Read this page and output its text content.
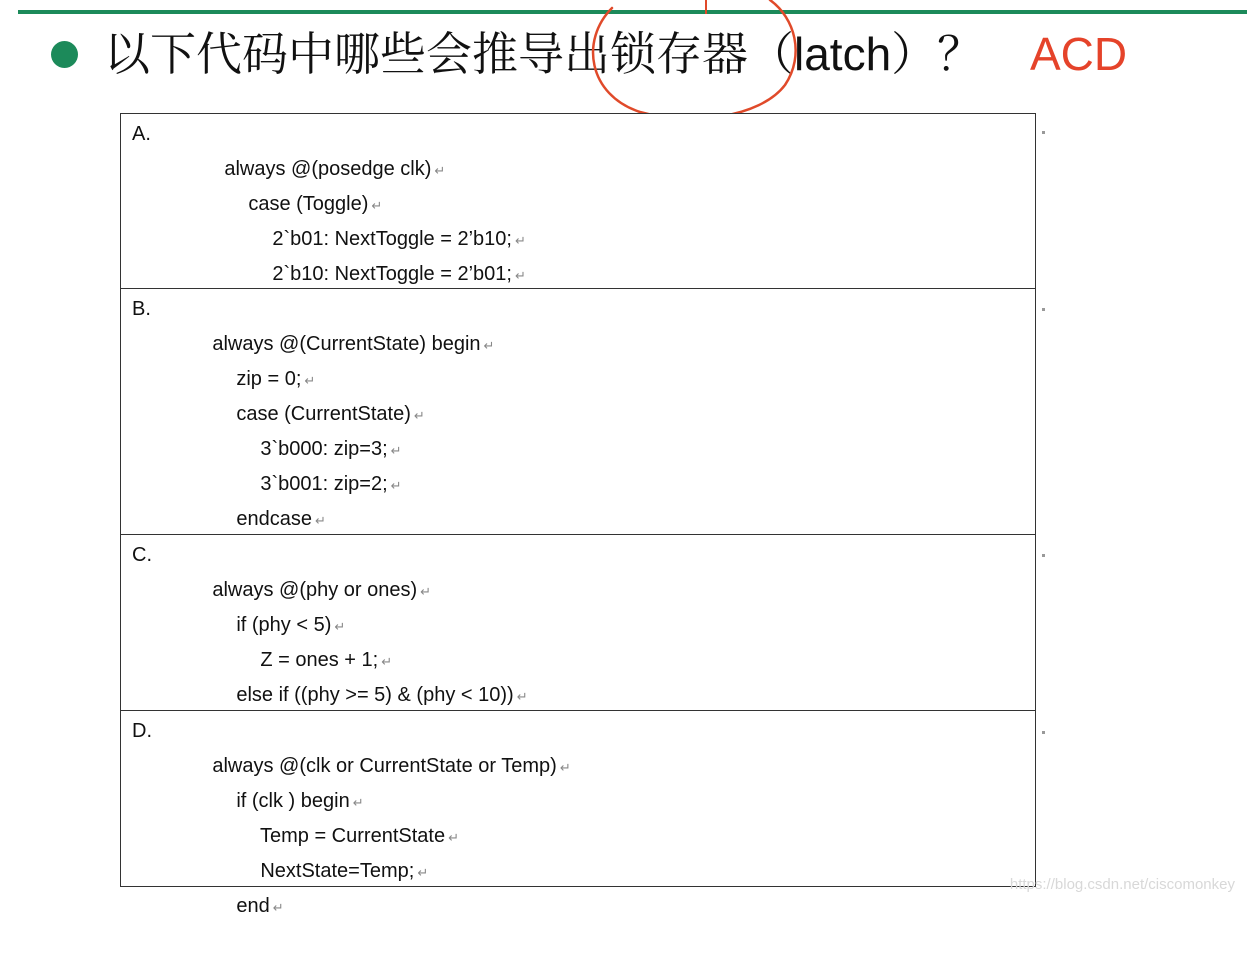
以下代码中哪些会推导出锁存器（latch）？ ACD
A.

always @(posedge clk) ↵

case (Toggle) ↵

2`b01: NextToggle = 2’b10; ↵

2`b10: NextToggle = 2’b01; ↵

B.

always @(CurrentState) begin ↵

zip = 0; ↵

case (CurrentState) ↵

3`b000: zip=3; ↵

3`b001: zip=2; ↵

endcase ↵

C.

always @(phy or ones) ↵

if (phy < 5) ↵

Z = ones + 1; ↵

else if ((phy >= 5) & (phy < 10)) ↵

D.

always @(clk or CurrentState or Temp) ↵

if (clk ) begin ↵

Temp = CurrentState ↵

NextState=Temp; ↵

end ↵

https://blog.csdn.net/ciscomonkey
